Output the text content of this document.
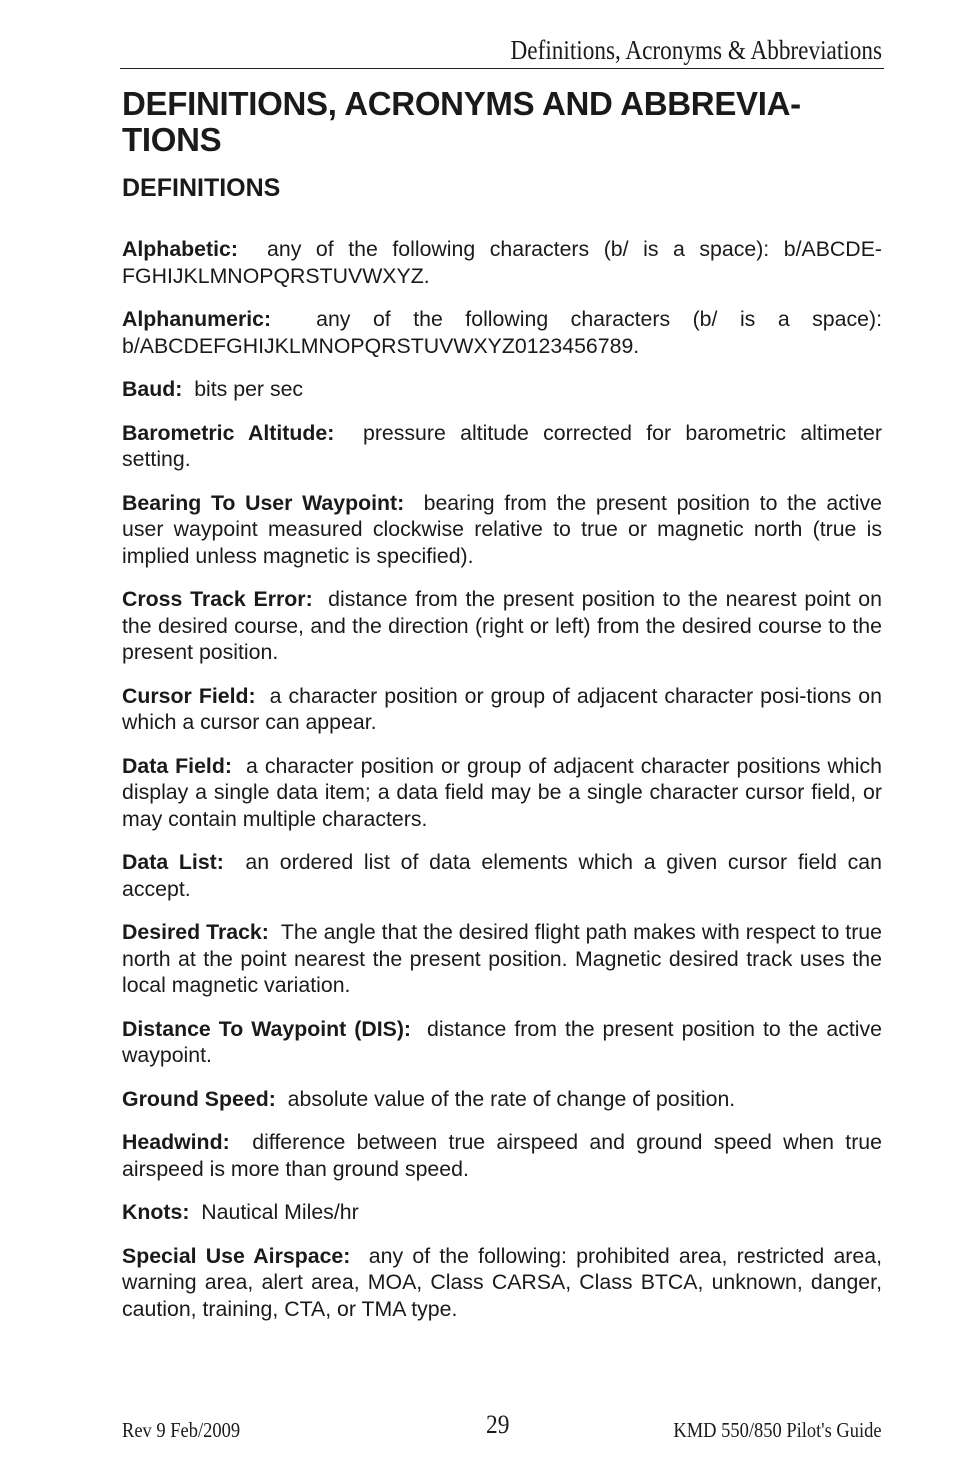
Definitions, Acronyms & Abbreviations
DEFINITIONS, ACRONYMS AND ABBREVIA-TIONS
DEFINITIONS

Alphabetic: any of the following characters (b/ is a space): b/ABCDE-FGHIJKLMNOPQRSTUVWXYZ.

Alphanumeric: any of the following characters (b/ is a space): b/ABCDEFGHIJKLMNOPQRSTUVWXYZ0123456789.

Baud: bits per sec

Barometric Altitude: pressure altitude corrected for barometric altimeter setting.

Bearing To User Waypoint: bearing from the present position to the active user waypoint measured clockwise relative to true or magnetic north (true is implied unless magnetic is specified).

Cross Track Error: distance from the present position to the nearest point on the desired course, and the direction (right or left) from the desired course to the present position.

Cursor Field: a character position or group of adjacent character posi-tions on which a cursor can appear.

Data Field: a character position or group of adjacent character positions which display a single data item; a data field may be a single character cursor field, or may contain multiple characters.

Data List: an ordered list of data elements which a given cursor field can accept.

Desired Track: The angle that the desired flight path makes with respect to true north at the point nearest the present position. Magnetic desired track uses the local magnetic variation.

Distance To Waypoint (DIS): distance from the present position to the active waypoint.

Ground Speed: absolute value of the rate of change of position.

Headwind: difference between true airspeed and ground speed when true airspeed is more than ground speed.

Knots: Nautical Miles/hr

Special Use Airspace: any of the following: prohibited area, restricted area, warning area, alert area, MOA, Class CARSA, Class BTCA, unknown, danger, caution, training, CTA, or TMA type.

Rev 9 Feb/2009	29	KMD 550/850 Pilot's Guide
